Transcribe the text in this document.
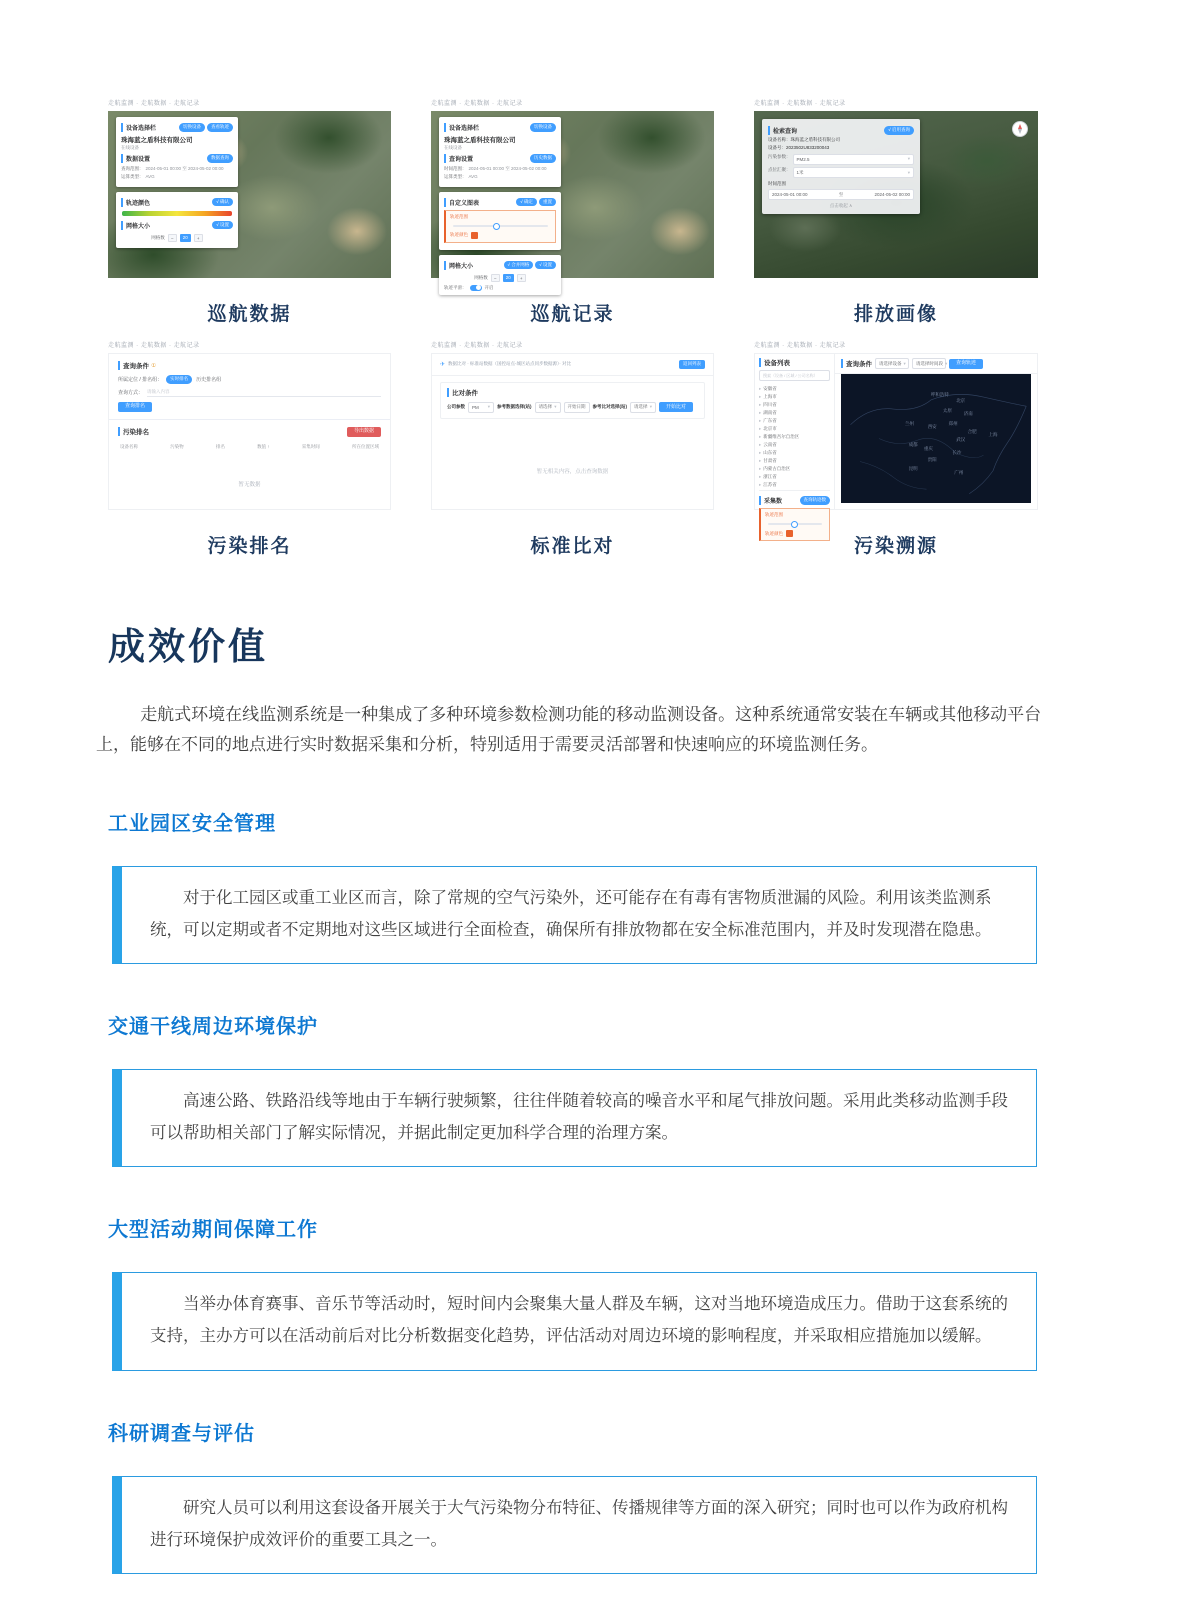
走航监测 · 走航数据 · 走航记录
设备选择栏	切换设备	查看轨迹
珠海蓝之盾科技有限公司
在线设备
数据设置	数据查询
查询范围： 2024-05-01 00:00 至 2024-05-02 00:00
运算类型： AVG
轨迹颜色	√ 确认
网格大小	√ 设置
网格数	−	20	+
巡航数据
走航监测 · 走航数据 · 走航记录
设备选择栏	切换设备
珠海蓝之盾科技有限公司
在线设备
查询设置	历史数据
时间范围： 2024-05-01 00:00 至 2024-05-02 00:00
运算类型： AVG
自定义图表	√ 确定	重置
轨迹范围
轨迹颜色
网格大小	√ 合并网格	√ 设置
网格数	−	20	+
轨迹平滑：	开启
巡航记录
走航监测 · 走航数据 · 走航记录
检索查询	√ 启用查询
设备名称：珠海蓝之盾科技有限公司
设备号：2023502U833200043
污染参数：
PM2.5	▾
点位汇聚： 1米	▾
时间范围
2024-05-01 00:00	至	2024-05-02 00:00
点击收起 ∧
排放画像
走航监测 · 走航数据 · 走航记录
查询条件 ①
所属定位 / 排名组：	实时排名	历史排名组
查询方式： 请输入内容
查询排名
污染排名	导出数据
设备名称	污染物	排名	数值 ↑	采集时间	所在位置区域
暂无数据
污染排名
走航监测 · 走航数据 · 走航记录
✈ 数据比对 · 标准站数据（国控站点-城区站点同步数据源）· 对比	返回列表
比对条件
公司参数 PM ▾ 参考数据选择(站) 请选择 ▾ 开始日期 参考比对选择(站) 请选择 ▾	开始比对
暂无相关内容，点击查询数据
标准比对
走航监测 · 走航数据 · 走航记录
设备列表
搜索（设备 / 区域 / 公司名称）
▸ 安徽省
▸ 上海市
▸ 四川省
▸ 湖南省
▸ 广东省
▸ 北京市
▸ 新疆维吾尔自治区
▸ 云南省
▸ 山东省
▸ 甘肃省
▸ 内蒙古自治区
▸ 浙江省
▸ 江苏省
采集数	查询轨迹数
轨迹范围
轨迹颜色
查询条件 请选择设备 ▾ 请选择时间段 ▾	查询轨迹
呼和浩特
北京
太原
济南
兰州
西安
郑州
合肥
上海
武汉
成都
重庆
长沙
贵阳
昆明
广州
污染溯源
成效价值

走航式环境在线监测系统是一种集成了多种环境参数检测功能的移动监测设备。这种系统通常安装在车辆或其他移动平台上，能够在不同的地点进行实时数据采集和分析，特别适用于需要灵活部署和快速响应的环境监测任务。

工业园区安全管理

对于化工园区或重工业区而言，除了常规的空气污染外，还可能存在有毒有害物质泄漏的风险。利用该类监测系统，可以定期或者不定期地对这些区域进行全面检查，确保所有排放物都在安全标准范围内，并及时发现潜在隐患。

交通干线周边环境保护

高速公路、铁路沿线等地由于车辆行驶频繁，往往伴随着较高的噪音水平和尾气排放问题。采用此类移动监测手段可以帮助相关部门了解实际情况，并据此制定更加科学合理的治理方案。

大型活动期间保障工作

当举办体育赛事、音乐节等活动时，短时间内会聚集大量人群及车辆，这对当地环境造成压力。借助于这套系统的支持，主办方可以在活动前后对比分析数据变化趋势，评估活动对周边环境的影响程度，并采取相应措施加以缓解。

科研调查与评估

研究人员可以利用这套设备开展关于大气污染物分布特征、传播规律等方面的深入研究；同时也可以作为政府机构进行环境保护成效评价的重要工具之一。
